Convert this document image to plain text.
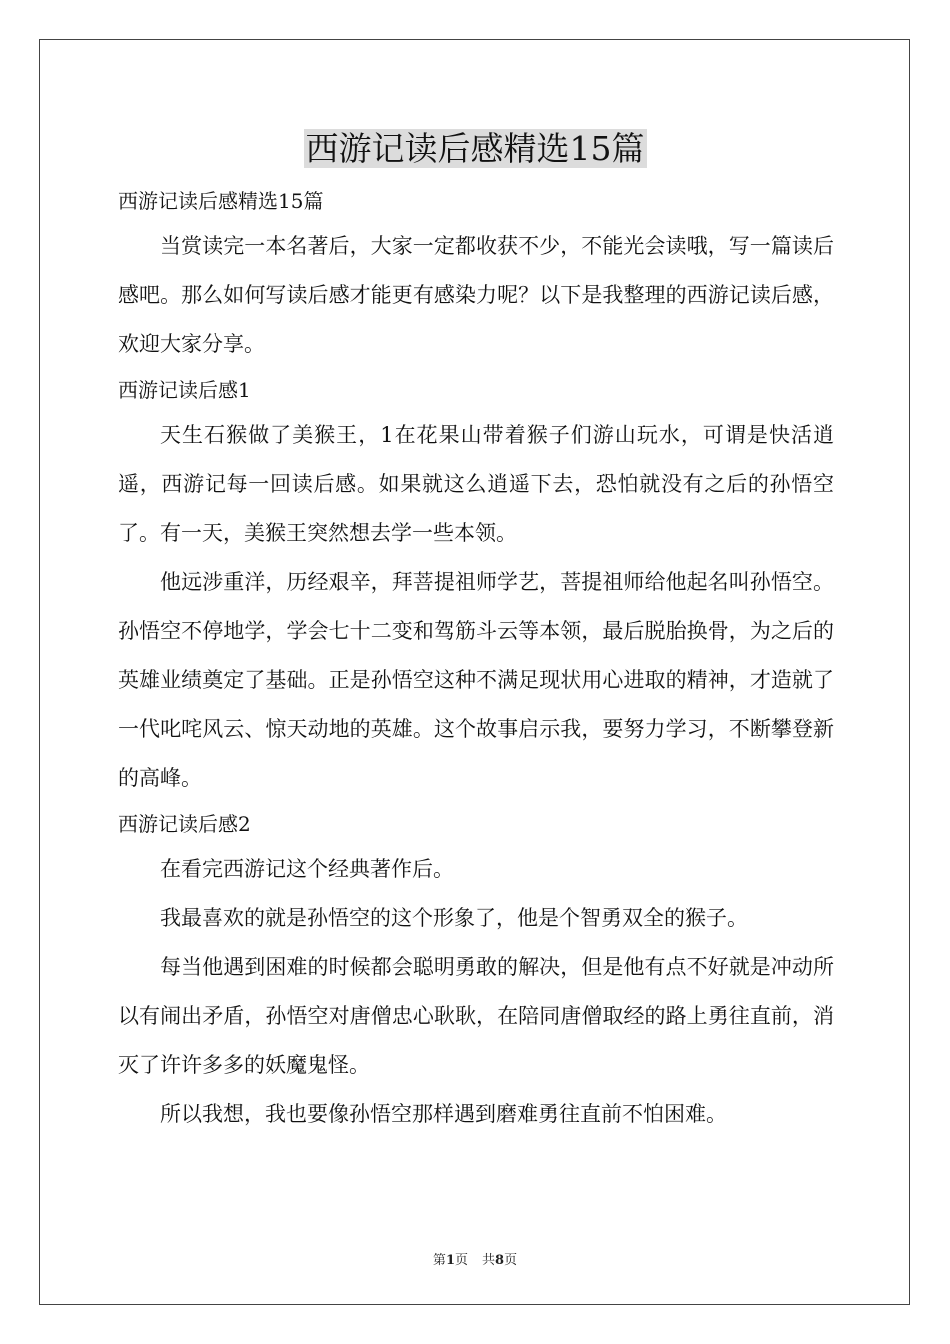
西游记读后感精选15篇

西游记读后感精选15篇

当赏读完一本名著后，大家一定都收获不少，不能光会读哦，写一篇读后感吧。那么如何写读后感才能更有感染力呢？以下是我整理的西游记读后感，欢迎大家分享。

西游记读后感1

天生石猴做了美猴王，1在花果山带着猴子们游山玩水，可谓是快活逍遥，西游记每一回读后感。如果就这么逍遥下去，恐怕就没有之后的孙悟空了。有一天，美猴王突然想去学一些本领。

他远涉重洋，历经艰辛，拜菩提祖师学艺，菩提祖师给他起名叫孙悟空。孙悟空不停地学，学会七十二变和驾筋斗云等本领，最后脱胎换骨，为之后的英雄业绩奠定了基础。正是孙悟空这种不满足现状用心进取的精神，才造就了一代叱咤风云、惊天动地的英雄。这个故事启示我，要努力学习，不断攀登新的高峰。

西游记读后感2

在看完西游记这个经典著作后。

我最喜欢的就是孙悟空的这个形象了，他是个智勇双全的猴子。

每当他遇到困难的时候都会聪明勇敢的解决，但是他有点不好就是冲动所以有闹出矛盾，孙悟空对唐僧忠心耿耿，在陪同唐僧取经的路上勇往直前，消灭了许许多多的妖魔鬼怪。

所以我想，我也要像孙悟空那样遇到磨难勇往直前不怕困难。

第1页 共8页
